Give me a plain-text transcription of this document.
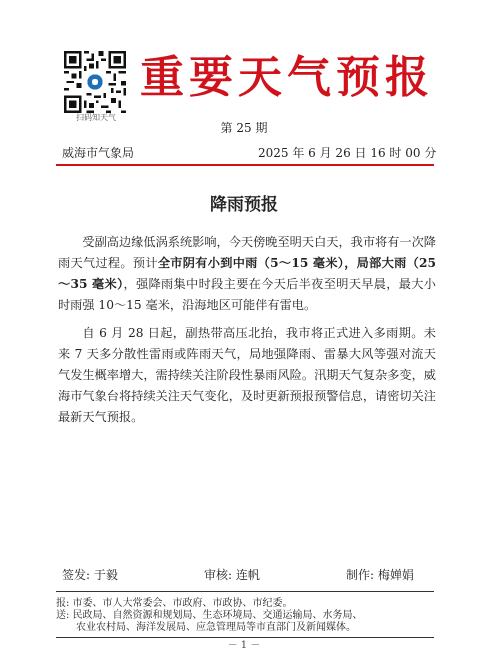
扫码知天气
重要天气预报
第 25 期
威海市气象局	2025 年 6 月 26 日 16 时 00 分
降雨预报

受副高边缘低涡系统影响，今天傍晚至明天白天，我市将有一次降雨天气过程。预计全市阴有小到中雨（5～15 毫米），局部大雨（25～35 毫米），强降雨集中时段主要在今天后半夜至明天早晨，最大小时雨强 10～15 毫米，沿海地区可能伴有雷电。

自 6 月 28 日起，副热带高压北抬，我市将正式进入多雨期。未来 7 天多分散性雷雨或阵雨天气，局地强降雨、雷暴大风等强对流天气发生概率增大，需持续关注阶段性暴雨风险。汛期天气复杂多变，威海市气象台将持续关注天气变化，及时更新预报预警信息，请密切关注最新天气预报。

签发: 于毅	审核: 连帆	制作: 梅婵娟
报: 市委、市人大常委会、市政府、市政协、市纪委。
送: 民政局、自然资源和规划局、生态环境局、交通运输局、水务局、
　　农业农村局、海洋发展局、应急管理局等市直部门及新闻媒体。
－ 1 －
